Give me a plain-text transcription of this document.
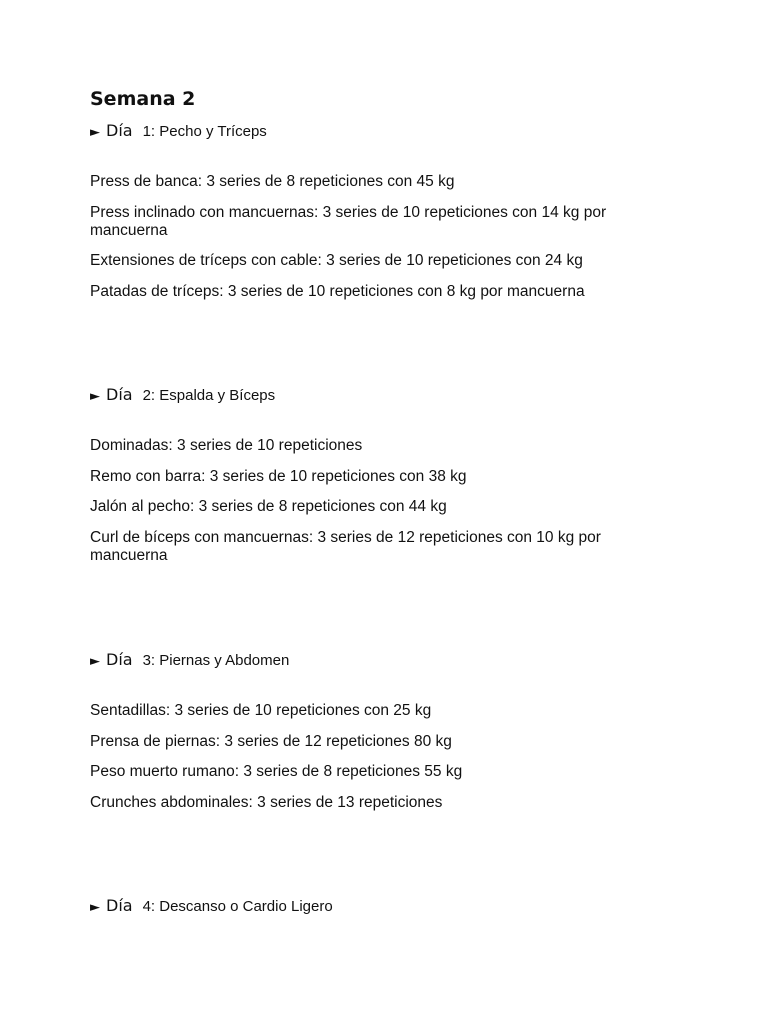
Semana 2
► Día 1: Pecho y Tríceps
Press de banca: 3 series de 8 repeticiones con 45 kg
Press inclinado con mancuernas: 3 series de 10 repeticiones con 14 kg por mancuerna
Extensiones de tríceps con cable: 3 series de 10 repeticiones con 24 kg
Patadas de tríceps: 3 series de 10 repeticiones con 8 kg por mancuerna
► Día 2: Espalda y Bíceps
Dominadas: 3 series de 10 repeticiones
Remo con barra: 3 series de 10 repeticiones con 38 kg
Jalón al pecho: 3 series de 8 repeticiones con 44 kg
Curl de bíceps con mancuernas: 3 series de 12 repeticiones con 10 kg por mancuerna
► Día 3: Piernas y Abdomen
Sentadillas: 3 series de 10 repeticiones con 25 kg
Prensa de piernas: 3 series de 12 repeticiones 80 kg
Peso muerto rumano: 3 series de 8 repeticiones 55 kg
Crunches abdominales: 3 series de 13 repeticiones
► Día 4: Descanso o Cardio Ligero
